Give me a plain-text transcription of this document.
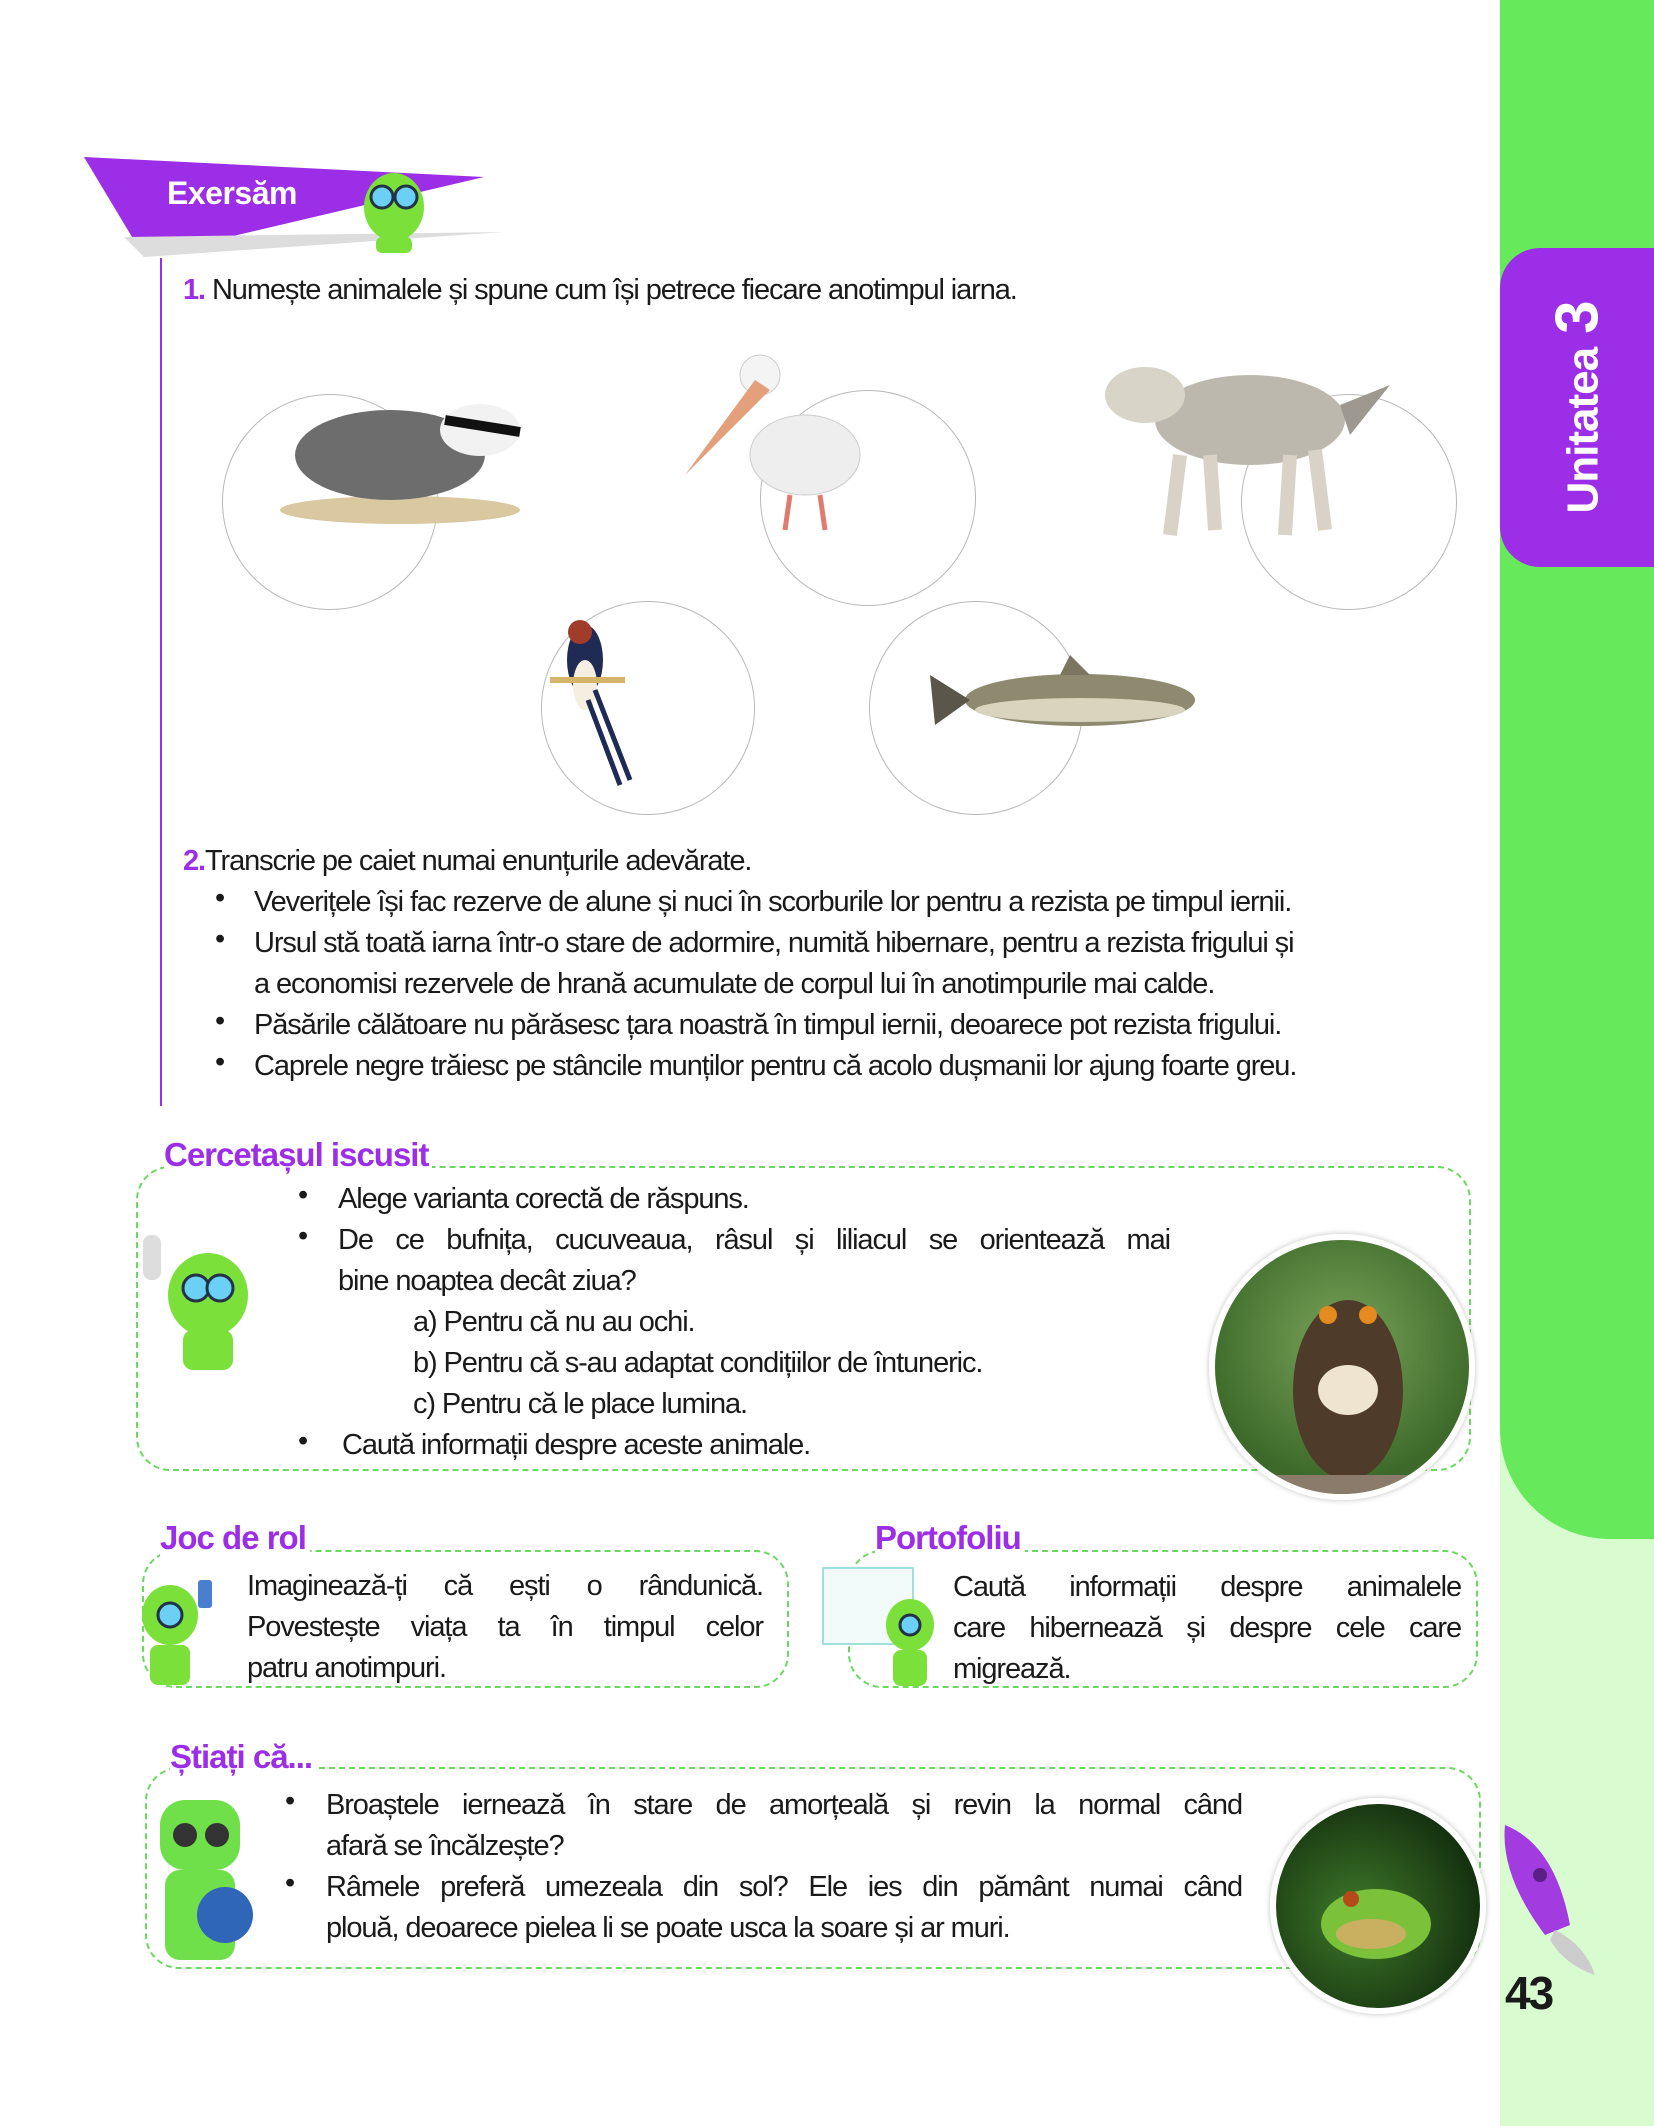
Unitatea3
Exersăm
1. Numește animalele și spune cum își petrece fiecare anotimpul iarna.
2.Transcrie pe caiet numai enunțurile adevărate.
• Veverițele își fac rezerve de alune și nuci în scorburile lor pentru a rezista pe timpul iernii.
• Ursul stă toată iarna într-o stare de adormire, numită hibernare, pentru a rezista frigului și
a economisi rezervele de hrană acumulate de corpul lui în anotimpurile mai calde.
• Păsările călătoare nu părăsesc țara noastră în timpul iernii, deoarece pot rezista frigului.
• Caprele negre trăiesc pe stâncile munților pentru că acolo dușmanii lor ajung foarte greu.
Cercetașul iscusit
• Alege varianta corectă de răspuns.
• De ce bufnița, cucuveaua, râsul și liliacul se orientează mai
bine noaptea decât ziua?
a) Pentru că nu au ochi.
b) Pentru că s-au adaptat condițiilor de întuneric.
c) Pentru că le place lumina.
• Caută informații despre aceste animale.
Joc de rol
Imaginează-ți că ești o rândunică.
Povestește viața ta în timpul celor
patru anotimpuri.
Portofoliu
Caută informații despre animalele
care hibernează și despre cele care
migrează.
Știați că...
• Broaștele iernează în stare de amorțeală și revin la normal când
afară se încălzește?
• Râmele preferă umezeala din sol? Ele ies din pământ numai când
plouă, deoarece pielea li se poate usca la soare și ar muri.
43
